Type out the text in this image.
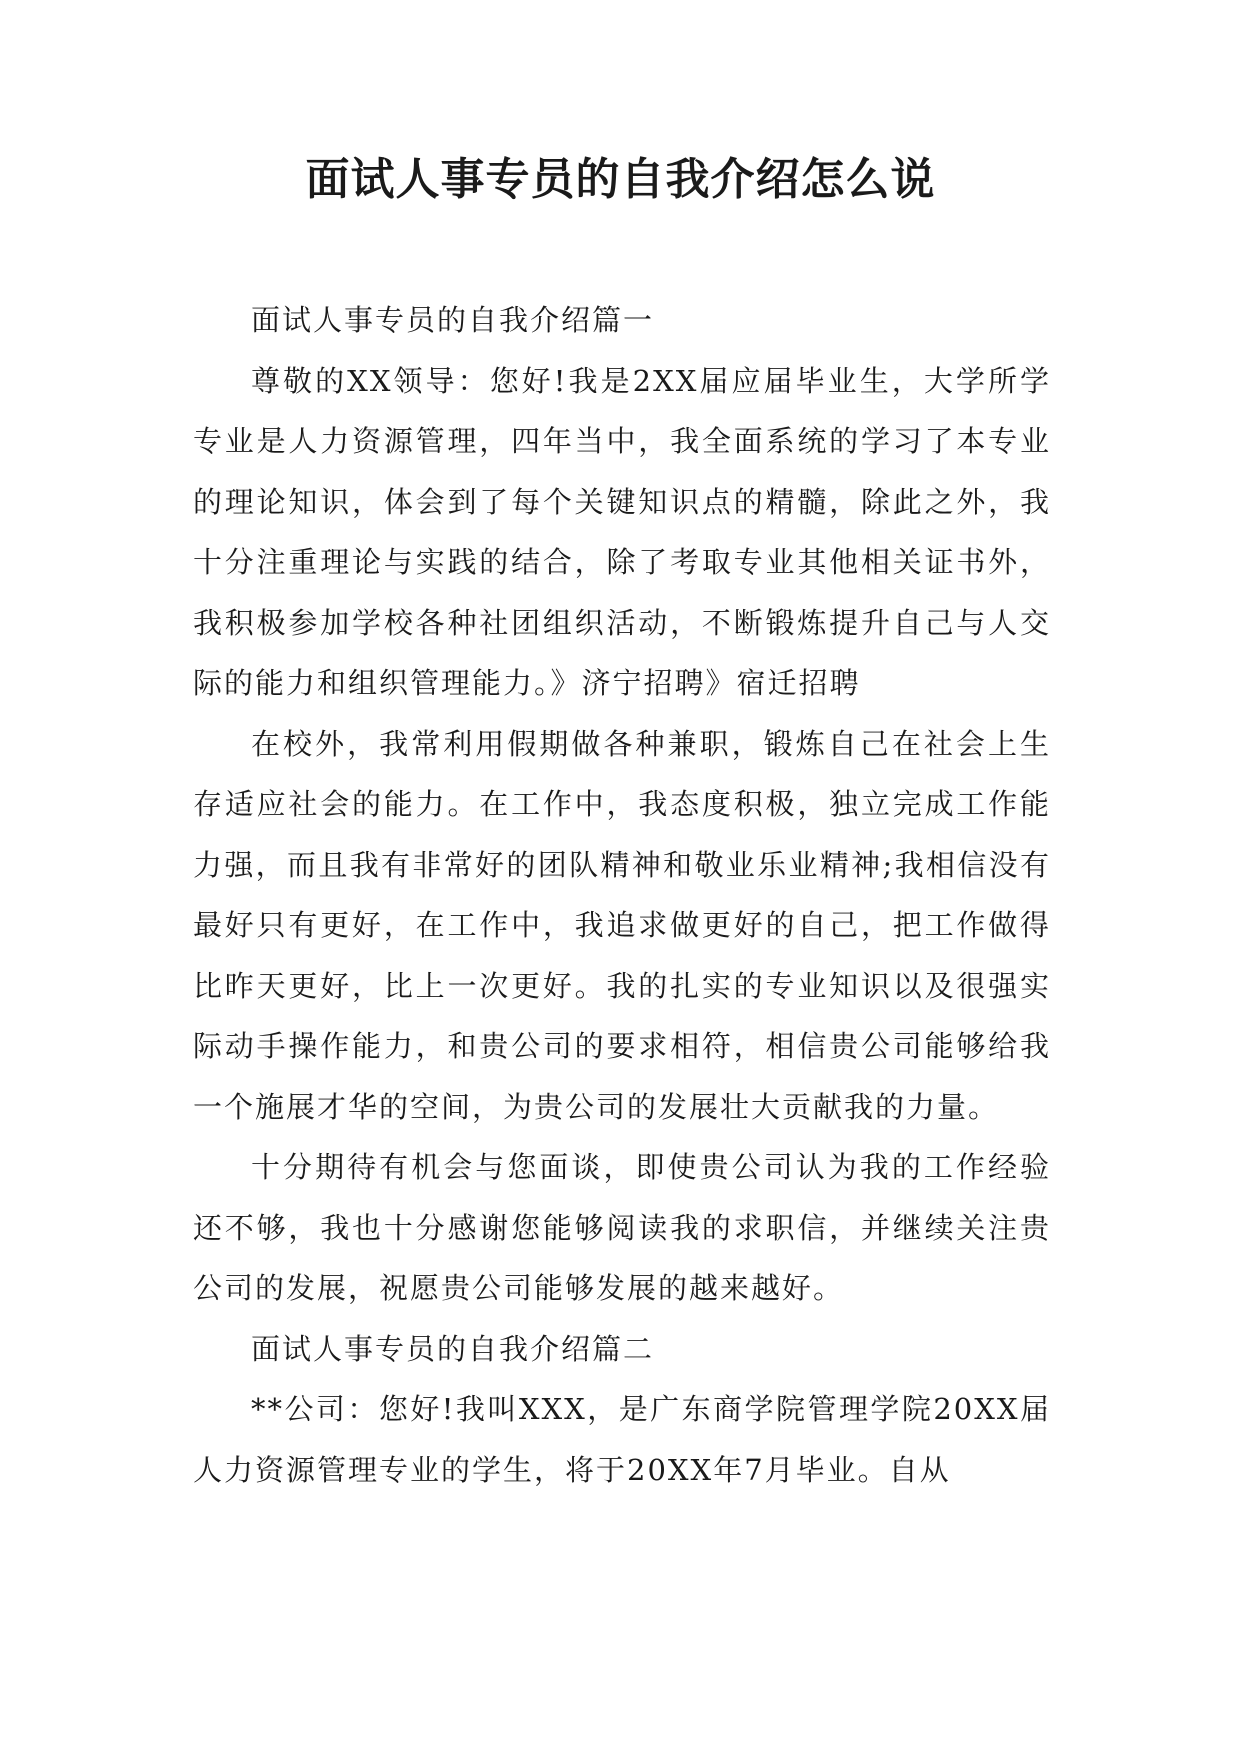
面试人事专员的自我介绍怎么说

面试人事专员的自我介绍篇一

尊敬的XX领导：您好!我是2XX届应届毕业生，大学所学专业是人力资源管理，四年当中，我全面系统的学习了本专业的理论知识，体会到了每个关键知识点的精髓，除此之外，我十分注重理论与实践的结合，除了考取专业其他相关证书外，我积极参加学校各种社团组织活动，不断锻炼提升自己与人交际的能力和组织管理能力。》济宁招聘》宿迁招聘

在校外，我常利用假期做各种兼职，锻炼自己在社会上生存适应社会的能力。在工作中，我态度积极，独立完成工作能力强，而且我有非常好的团队精神和敬业乐业精神;我相信没有最好只有更好，在工作中，我追求做更好的自己，把工作做得比昨天更好，比上一次更好。我的扎实的专业知识以及很强实际动手操作能力，和贵公司的要求相符，相信贵公司能够给我一个施展才华的空间，为贵公司的发展壮大贡献我的力量。

十分期待有机会与您面谈，即使贵公司认为我的工作经验还不够，我也十分感谢您能够阅读我的求职信，并继续关注贵公司的发展，祝愿贵公司能够发展的越来越好。

面试人事专员的自我介绍篇二

**公司：您好!我叫XXX，是广东商学院管理学院20XX届人力资源管理专业的学生，将于20XX年7月毕业。自从
